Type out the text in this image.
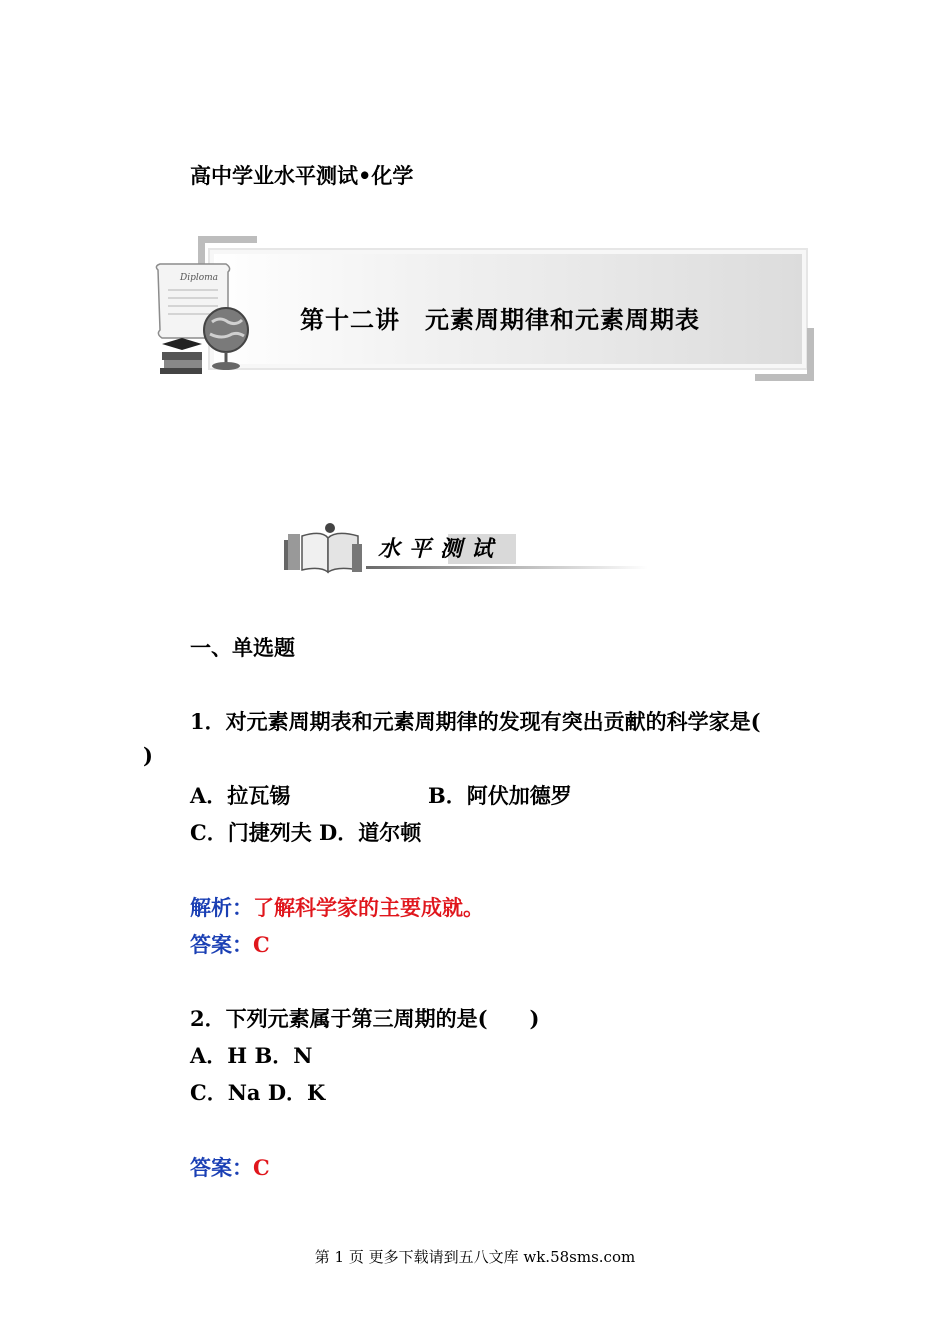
高中学业水平测试•化学
Diploma
第十二讲　元素周期律和元素周期表
水平测试
一、单选题
1．对元素周期表和元素周期律的发现有突出贡献的科学家是(
)
A．拉瓦锡	B．阿伏加德罗
C．门捷列夫 D．道尔顿
解析：了解科学家的主要成就。
答案：C
2．下列元素属于第三周期的是(　　)
A．H B．N
C．Na D．K
答案：C
第 1 页 更多下载请到五八文库 wk.58sms.com
